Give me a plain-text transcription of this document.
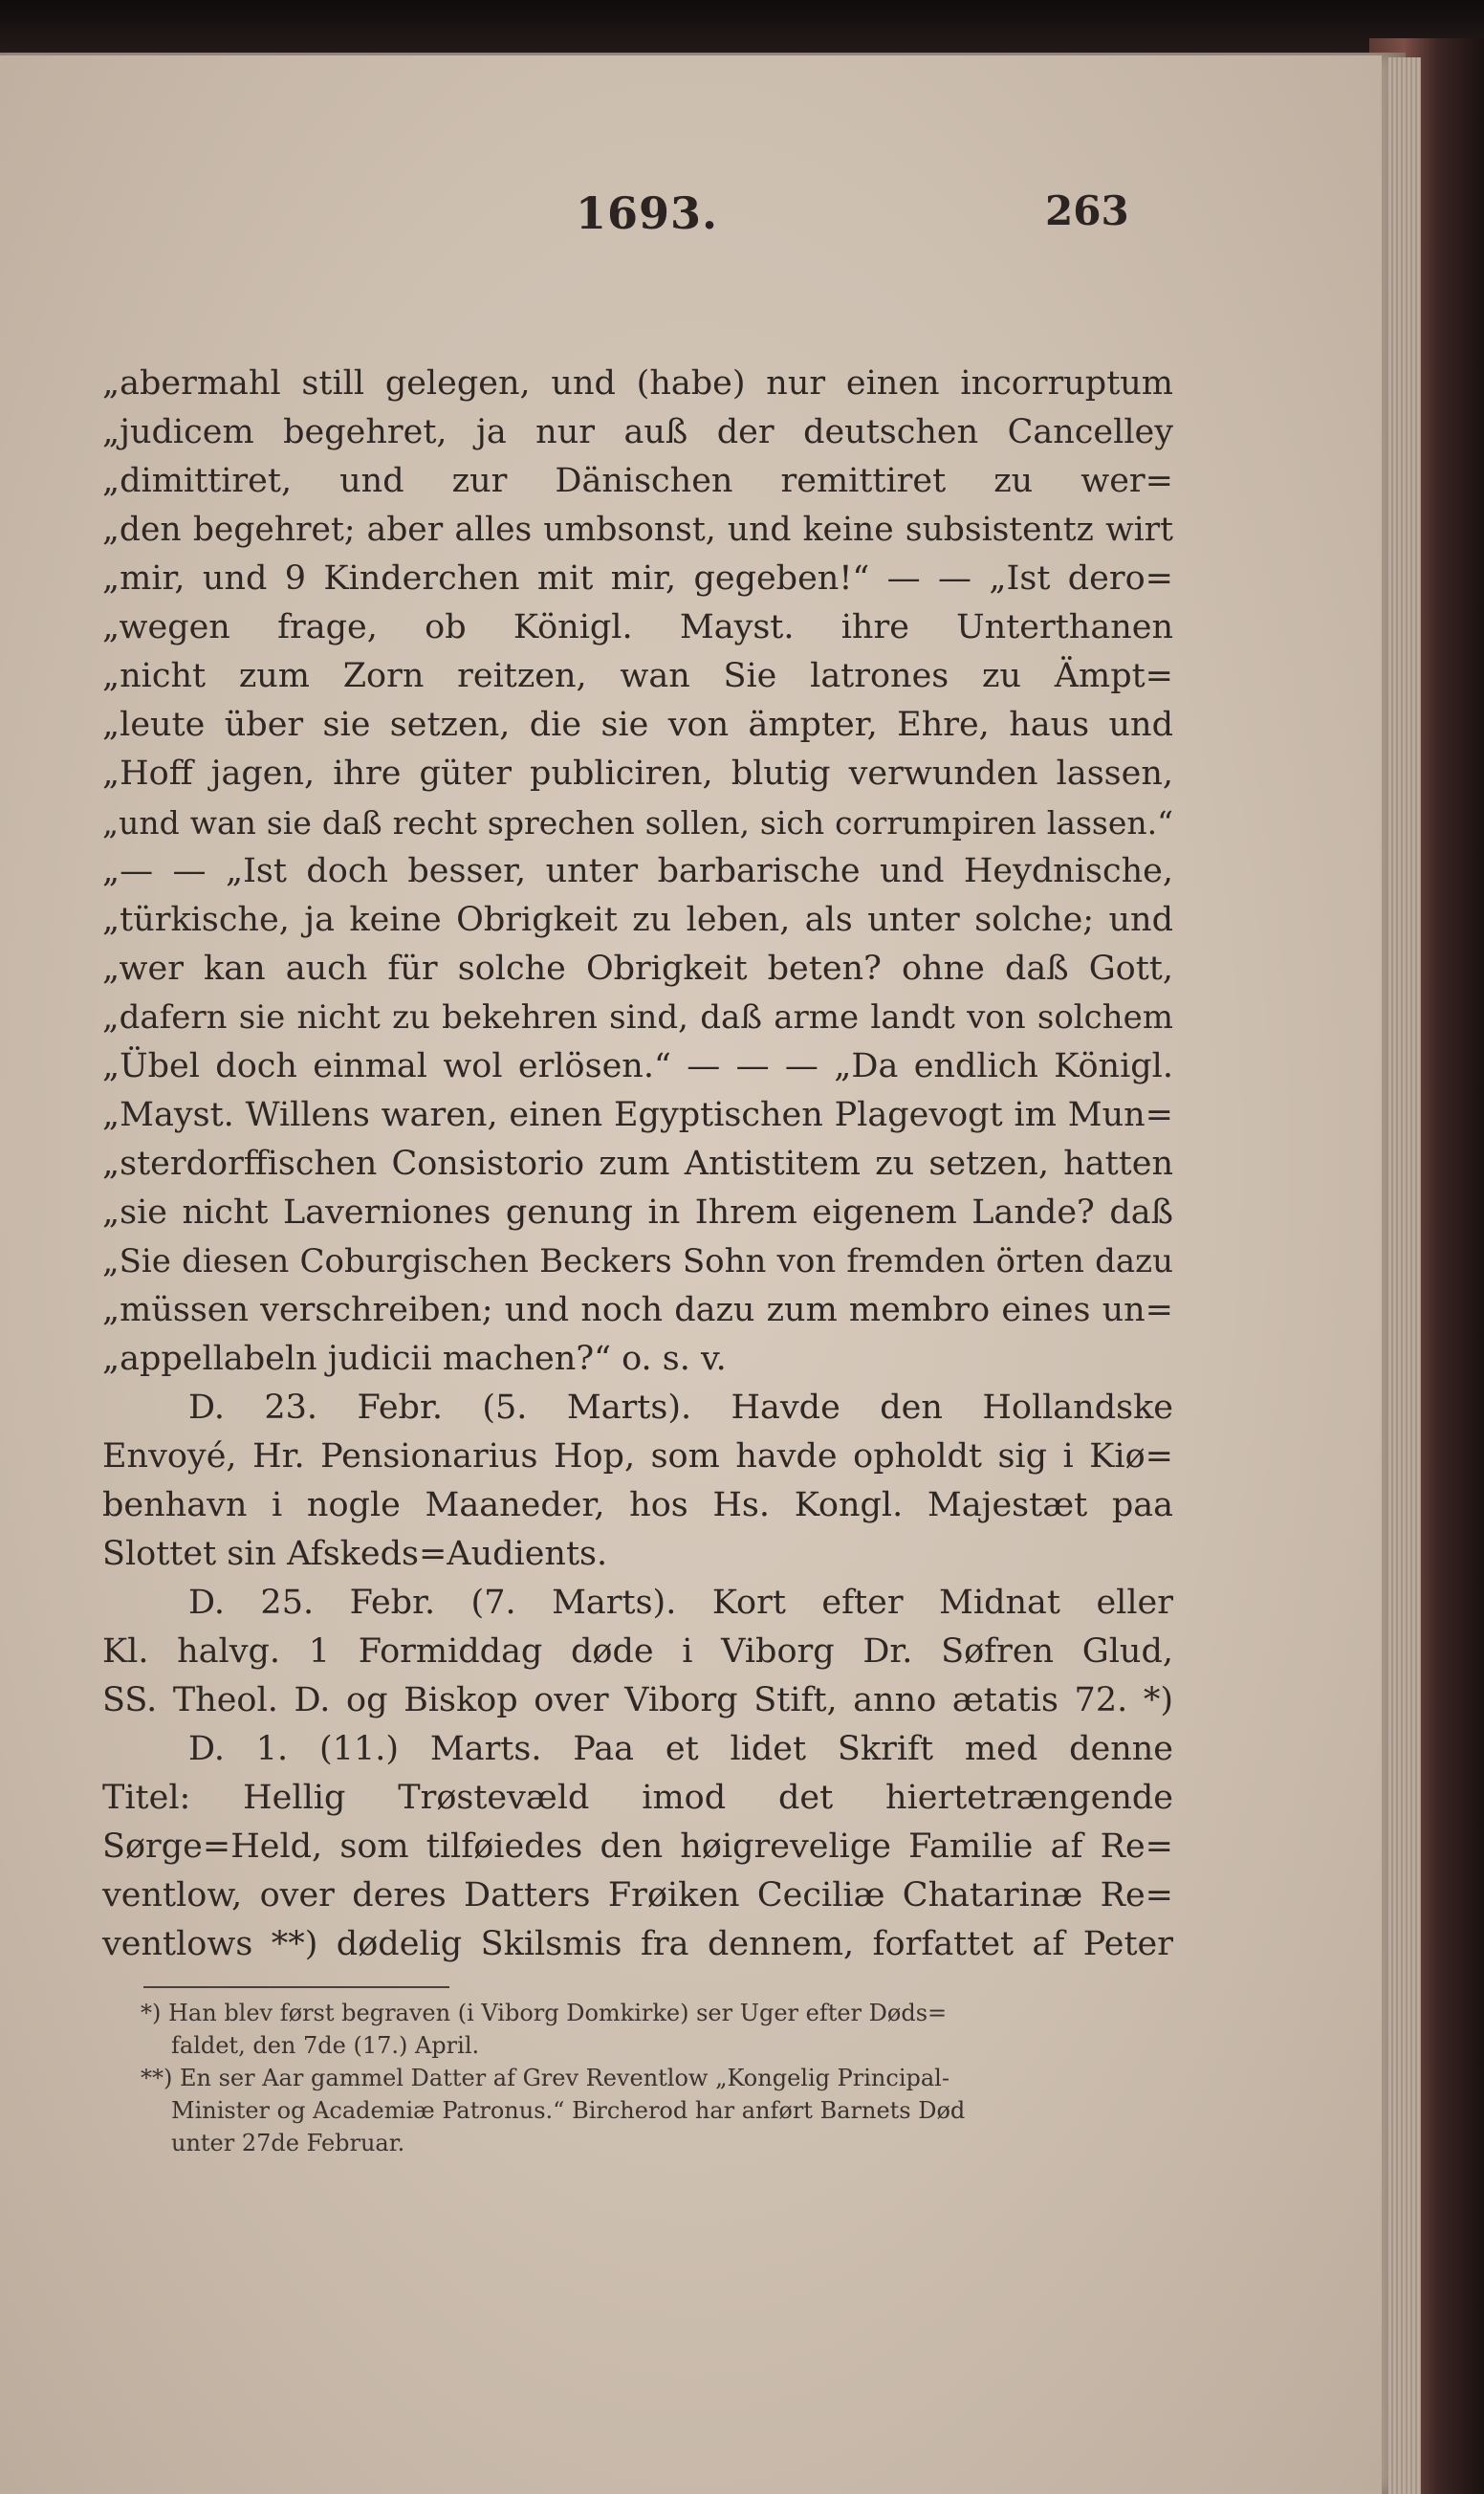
1693.	263
„abermahl still gelegen, und (habe) nur einen incorruptum
„judicem begehret, ja nur auß der deutschen Cancelley
„dimittiret, und zur Dänischen remittiret zu wer=
„den begehret; aber alles umbsonst, und keine subsistentz wirt
„mir, und 9 Kinderchen mit mir, gegeben!“ — — „Ist dero=
„wegen frage, ob Königl. Mayst. ihre Unterthanen
„nicht zum Zorn reitzen, wan Sie latrones zu Ämpt=
„leute über sie setzen, die sie von ämpter, Ehre, haus und
„Hoff jagen, ihre güter publiciren, blutig verwunden lassen,
„und wan sie daß recht sprechen sollen, sich corrumpiren lassen.“
„— — „Ist doch besser, unter barbarische und Heydnische,
„türkische, ja keine Obrigkeit zu leben, als unter solche; und
„wer kan auch für solche Obrigkeit beten? ohne daß Gott,
„dafern sie nicht zu bekehren sind, daß arme landt von solchem
„Übel doch einmal wol erlösen.“ — — — „Da endlich Königl.
„Mayst. Willens waren, einen Egyptischen Plagevogt im Mun=
„sterdorffischen Consistorio zum Antistitem zu setzen, hatten
„sie nicht Laverniones genung in Ihrem eigenem Lande? daß
„Sie diesen Coburgischen Beckers Sohn von fremden örten dazu
„müssen verschreiben; und noch dazu zum membro eines un=
„appellabeln judicii machen?“ o. s. v.
D. 23. Febr. (5. Marts). Havde den Hollandske
Envoyé, Hr. Pensionarius Hop, som havde opholdt sig i Kiø=
benhavn i nogle Maaneder, hos Hs. Kongl. Majestæt paa
Slottet sin Afskeds=Audients.
D. 25. Febr. (7. Marts). Kort efter Midnat eller
Kl. halvg. 1 Formiddag døde i Viborg Dr. Søfren Glud,
SS. Theol. D. og Biskop over Viborg Stift, anno ætatis 72. *)
D. 1. (11.) Marts. Paa et lidet Skrift med denne
Titel: Hellig Trøstevæld imod det hiertetrængende
Sørge=Held, som tilføiedes den høigrevelige Familie af Re=
ventlow, over deres Datters Frøiken Ceciliæ Chatarinæ Re=
ventlows **) dødelig Skilsmis fra dennem, forfattet af Peter
*) Han blev først begraven (i Viborg Domkirke) ser Uger efter Døds=
faldet, den 7de (17.) April.
**) En ser Aar gammel Datter af Grev Reventlow „Kongelig Principal-
Minister og Academiæ Patronus.“ Bircherod har anført Barnets Død
unter 27de Februar.
